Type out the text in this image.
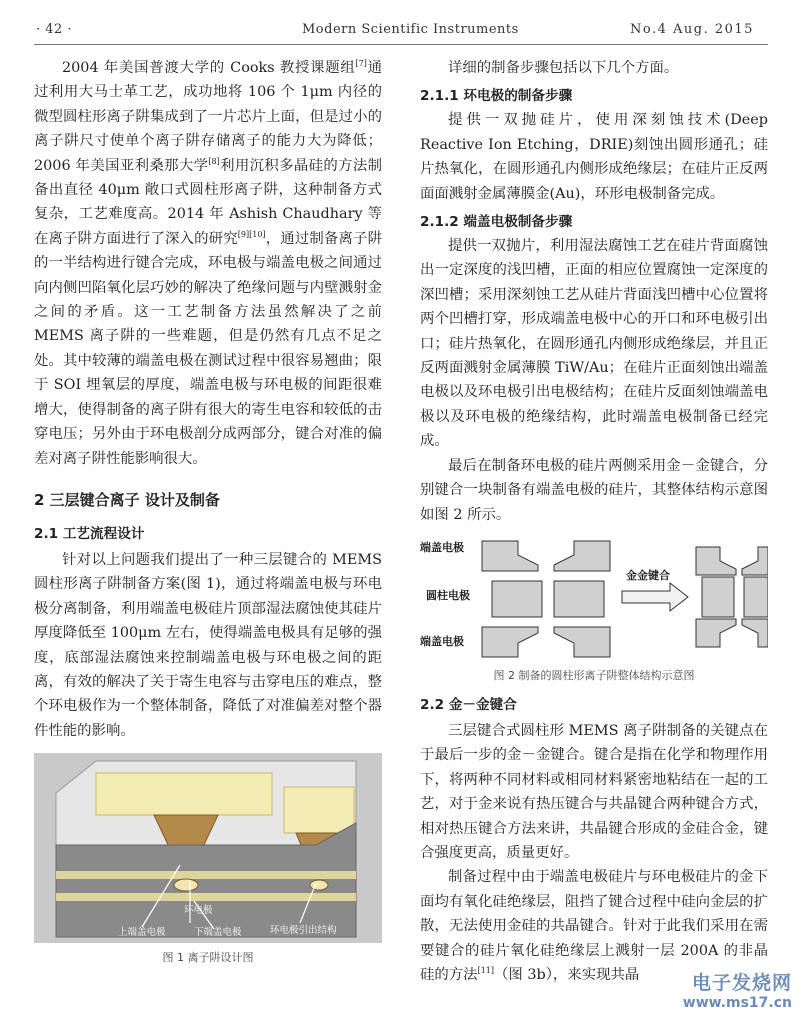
· 42 ·	Modern Scientific Instruments	No.4 Aug. 2015

2004 年美国普渡大学的 Cooks 教授课题组[7]通过利用大马士革工艺，成功地将 106 个 1μm 内径的微型圆柱形离子阱集成到了一片芯片上面，但是过小的离子阱尺寸使单个离子阱存储离子的能力大为降低；2006 年美国亚利桑那大学[8]利用沉积多晶硅的方法制备出直径 40μm 敞口式圆柱形离子阱，这种制备方式复杂，工艺难度高。2014 年 Ashish Chaudhary 等在离子阱方面进行了深入的研究[9][10]，通过制备离子阱的一半结构进行键合完成，环电极与端盖电极之间通过向内侧凹陷氧化层巧妙的解决了绝缘问题与内壁溅射金之间的矛盾。这一工艺制备方法虽然解决了之前 MEMS 离子阱的一些难题，但是仍然有几点不足之处。其中较薄的端盖电极在测试过程中很容易翘曲；限于 SOI 埋氧层的厚度，端盖电极与环电极的间距很难增大，使得制备的离子阱有很大的寄生电容和较低的击穿电压；另外由于环电极剖分成两部分，键合对准的偏差对离子阱性能影响很大。

2 三层键合离子 设计及制备
2.1 工艺流程设计

针对以上问题我们提出了一种三层键合的 MEMS 圆柱形离子阱制备方案(图 1)，通过将端盖电极与环电极分离制备，利用端盖电极硅片顶部湿法腐蚀使其硅片厚度降低至 100μm 左右，使得端盖电极具有足够的强度，底部湿法腐蚀来控制端盖电极与环电极之间的距离，有效的解决了关于寄生电容与击穿电压的难点，整个环电极作为一个整体制备，降低了对准偏差对整个器件性能的影响。

环电极
上端盖电极	下端盖电极	环电极引出结构
图 1 离子阱设计图

详细的制备步骤包括以下几个方面。

2.1.1 环电极的制备步骤

提供一双抛硅片，使用深刻蚀技术(Deep Reactive Ion Etching，DRIE)刻蚀出圆形通孔；硅片热氧化，在圆形通孔内侧形成绝缘层；在硅片正反两面面溅射金属薄膜金(Au)，环形电极制备完成。

2.1.2 端盖电极制备步骤

提供一双抛片，利用湿法腐蚀工艺在硅片背面腐蚀出一定深度的浅凹槽，正面的相应位置腐蚀一定深度的深凹槽；采用深刻蚀工艺从硅片背面浅凹槽中心位置将两个凹槽打穿，形成端盖电极中心的开口和环电极引出口；硅片热氧化，在圆形通孔内侧形成绝缘层，并且正反两面溅射金属薄膜 TiW/Au；在硅片正面刻蚀出端盖电极以及环电极引出电极结构；在硅片反面刻蚀端盖电极以及环电极的绝缘结构，此时端盖电极制备已经完成。

最后在制备环电极的硅片两侧采用金－金键合，分别键合一块制备有端盖电极的硅片，其整体结构示意图如图 2 所示。

端盖电极
圆柱电极
端盖电极
金金键合
图 2 制备的圆柱形离子阱整体结构示意图
2.2 金－金键合

三层键合式圆柱形 MEMS 离子阱制备的关键点在于最后一步的金－金键合。键合是指在化学和物理作用下，将两种不同材料或相同材料紧密地粘结在一起的工艺，对于金来说有热压键合与共晶键合两种键合方式，相对热压键合方法来讲，共晶键合形成的金硅合金，键合强度更高，质量更好。

制备过程中由于端盖电极硅片与环电极硅片的金下面均有氧化硅绝缘层，阻挡了键合过程中硅向金层的扩散，无法使用金硅的共晶键合。针对于此我们采用在需要键合的硅片氧化硅绝缘层上溅射一层 200A 的非晶硅的方法[11]（图 3b），来实现共晶	电子发烧网
www.ms17.cn
